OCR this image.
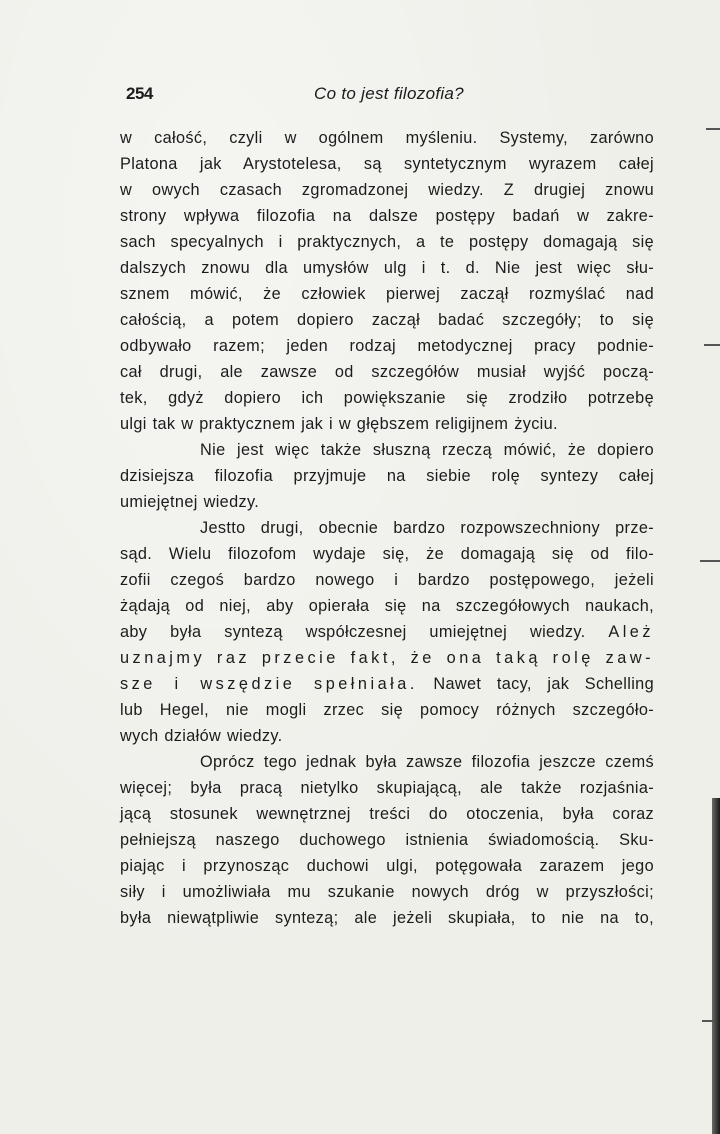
254	Co to jest filozofia?
w całość, czyli w ogólnem myśleniu. Systemy, zarówno
Platona jak Arystotelesa, są syntetycznym wyrazem całej
w owych czasach zgromadzonej wiedzy. Z drugiej znowu
strony wpływa filozofia na dalsze postępy badań w zakre-
sach specyalnych i praktycznych, a te postępy domagają się
dalszych znowu dla umysłów ulg i t. d. Nie jest więc słu-
sznem mówić, że człowiek pierwej zaczął rozmyślać nad
całością, a potem dopiero zaczął badać szczegóły; to się
odbywało razem; jeden rodzaj metodycznej pracy podnie-
cał drugi, ale zawsze od szczegółów musiał wyjść począ-
tek, gdyż dopiero ich powiększanie się zrodziło potrzebę
ulgi tak w praktycznem jak i w głębszem religijnem życiu.
Nie jest więc także słuszną rzeczą mówić, że dopiero
dzisiejsza filozofia przyjmuje na siebie rolę syntezy całej
umiejętnej wiedzy.
Jestto drugi, obecnie bardzo rozpowszechniony prze-
sąd. Wielu filozofom wydaje się, że domagają się od filo-
zofii czegoś bardzo nowego i bardzo postępowego, jeżeli
żądają od niej, aby opierała się na szczegółowych naukach,
aby była syntezą współczesnej umiejętnej wiedzy. Ależ
uznajmy raz przecie fakt, że ona taką rolę zaw-
sze i wszędzie spełniała. Nawet tacy, jak Schelling
lub Hegel, nie mogli zrzec się pomocy różnych szczegóło-
wych działów wiedzy.
Oprócz tego jednak była zawsze filozofia jeszcze czemś
więcej; była pracą nietylko skupiającą, ale także rozjaśnia-
jącą stosunek wewnętrznej treści do otoczenia, była coraz
pełniejszą naszego duchowego istnienia świadomością. Sku-
piając i przynosząc duchowi ulgi, potęgowała zarazem jego
siły i umożliwiała mu szukanie nowych dróg w przyszłości;
była niewątpliwie syntezą; ale jeżeli skupiała, to nie na to,
